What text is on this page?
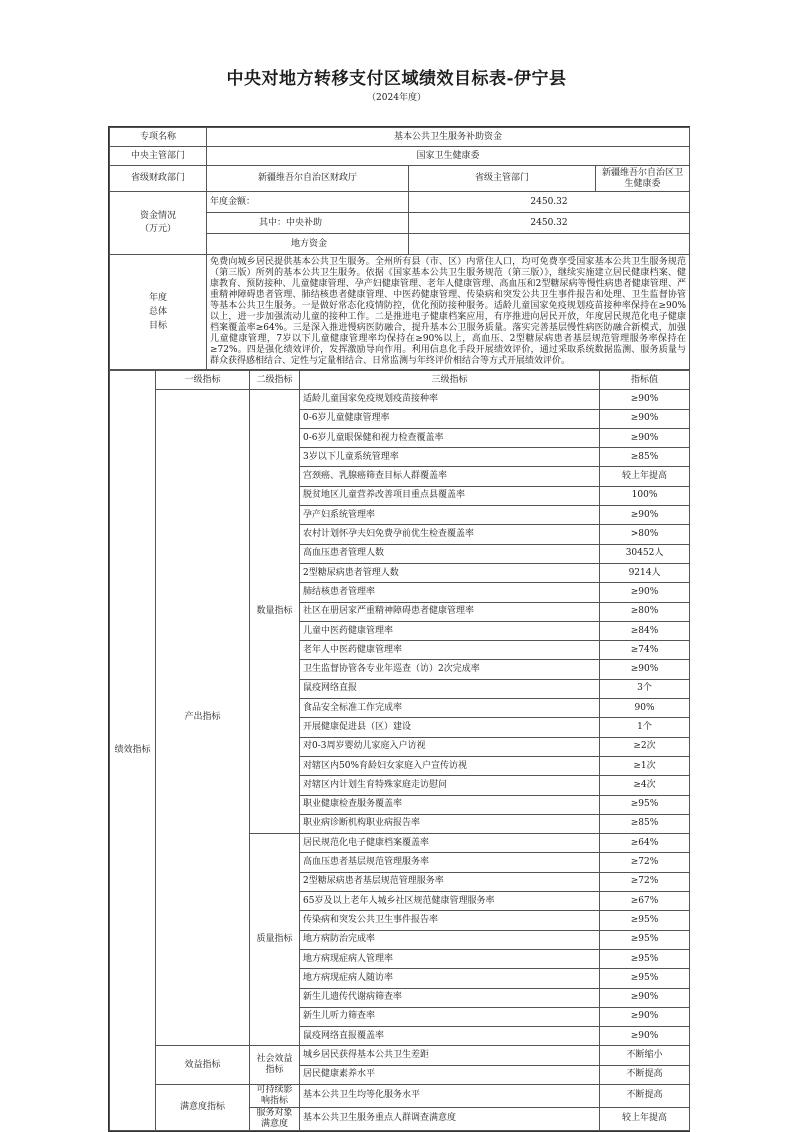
中央对地方转移支付区域绩效目标表-伊宁县
（2024年度）
专项名称	基本公共卫生服务补助资金		
中央主管部门	国家卫生健康委		
省级财政部门	新疆维吾尔自治区财政厅	省级主管部门	新疆维吾尔自治区卫生健康委
资金情况（万元）	年度金额：	2450.32	
	其中：中央补助	2450.32	
	地方资金		
年度总体目标	免费向城乡居民提供基本公共卫生服务。全州所有县（市、区）内常住人口，均可免费享受国家基本公共卫生服务规范（第三版）所列的基本公共卫生服务。依据《国家基本公共卫生服务规范（第三版）》，继续实施建立居民健康档案、健康教育、预防接种、儿童健康管理、孕产妇健康管理、老年人健康管理、高血压和2型糖尿病等慢性病患者健康管理、严重精神障碍患者管理、肺结核患者健康管理、中医药健康管理、传染病和突发公共卫生事件报告和处理、卫生监督协管等基本公共卫生服务。一是做好常态化疫情防控，优化预防接种服务。适龄儿童国家免疫规划疫苗接种率保持在≥90%以上，进一步加强流动儿童的接种工作。二是推进电子健康档案应用，有序推进向居民开放，年度居民规范化电子健康档案覆盖率≥64%。三是深入推进慢病医防融合，提升基本公卫服务质量。落实完善基层慢性病医防融合新模式，加强儿童健康管理，7岁以下儿童健康管理率均保持在≥90%以上，高血压、2型糖尿病患者基层规范管理服务率保持在≥72%。四是强化绩效评价，发挥激励导向作用。利用信息化手段开展绩效评价，通过采取系统数据监测、服务质量与群众获得感相结合、定性与定量相结合、日常监测与年终评价相结合等方式开展绩效评价。		
绩效指标	一级指标	二级指标	三级指标	指标值
	产出指标	数量指标	适龄儿童国家免疫规划疫苗接种率	≥90%
			0-6岁儿童健康管理率	≥90%
			0-6岁儿童眼保健和视力检查覆盖率	≥90%
			3岁以下儿童系统管理率	≥85%
			宫颈癌、乳腺癌筛查目标人群覆盖率	较上年提高
			脱贫地区儿童营养改善项目重点县覆盖率	100%
			孕产妇系统管理率	≥90%
			农村计划怀孕夫妇免费孕前优生检查覆盖率	>80%
			高血压患者管理人数	30452人
			2型糖尿病患者管理人数	9214人
			肺结核患者管理率	≥90%
			社区在册居家严重精神障碍患者健康管理率	≥80%
			儿童中医药健康管理率	≥84%
			老年人中医药健康管理率	≥74%
			卫生监督协管各专业年巡查（访）2次完成率	≥90%
			鼠疫网络直报	3个
			食品安全标准工作完成率	90%
			开展健康促进县（区）建设	1个
			对0-3周岁婴幼儿家庭入户访视	≥2次
			对辖区内50%育龄妇女家庭入户宣传访视	≥1次
			对辖区内计划生育特殊家庭走访慰问	≥4次
			职业健康检查服务覆盖率	≥95%
			职业病诊断机构职业病报告率	≥85%
		质量指标	居民规范化电子健康档案覆盖率	≥64%
			高血压患者基层规范管理服务率	≥72%
			2型糖尿病患者基层规范管理服务率	≥72%
			65岁及以上老年人城乡社区规范健康管理服务率	≥67%
			传染病和突发公共卫生事件报告率	≥95%
			地方病防治完成率	≥95%
			地方病现症病人管理率	≥95%
			地方病现症病人随访率	≥95%
			新生儿遗传代谢病筛查率	≥90%
			新生儿听力筛查率	≥90%
			鼠疫网络直报覆盖率	≥90%
	效益指标	社会效益指标	城乡居民获得基本公共卫生差距	不断缩小
			居民健康素养水平	不断提高
	满意度指标	可持续影响指标	基本公共卫生均等化服务水平	不断提高
		服务对象满意度	基本公共卫生服务重点人群调查满意度	较上年提高
